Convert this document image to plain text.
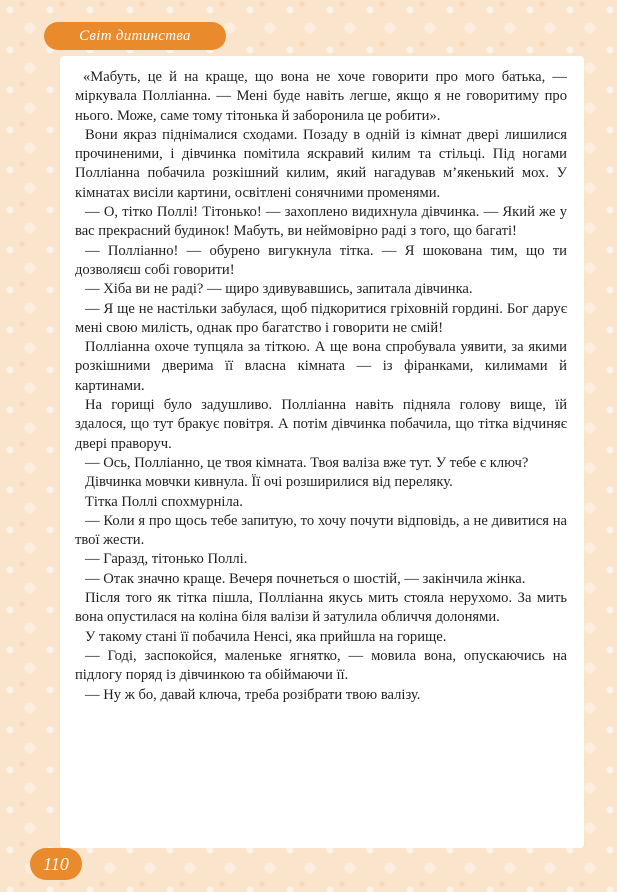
Світ дитинства

«Мабуть, це й на краще, що вона не хоче говорити про мого батька, — міркувала Поллiанна. — Мені буде навіть легше, якщо я не говоритиму про нього. Може, саме тому тітонька й заборонила це робити».

Вони якраз піднімалися сходами. Позаду в одній із кімнат двері лишилися прочиненими, і дівчинка помітила яскравий килим та стільці. Під ногами Поллiанна побачила розкішний килим, який нагадував м’якенький мох. У кімнатах висіли картини, освітлені сонячними променями.

— О, тітко Поллі! Тітонько! — захоплено видихнула дівчинка. — Який же у вас прекрасний будинок! Мабуть, ви неймовірно раді з того, що багаті!

— Поллiанно! — обурено вигукнула тітка. — Я шокована тим, що ти дозволяєш собі говорити!

— Хіба ви не раді? — щиро здивувавшись, запитала дівчинка.

— Я ще не настільки забулася, щоб підкоритися гріховній гордині. Бог дарує мені свою милість, однак про багатство і говорити не смій!

Поллiанна охоче тупцяла за тіткою. А ще вона спробувала уявити, за якими розкішними дверима її власна кімната — із фіранками, килимами й картинами.

На горищі було задушливо. Поллiанна навіть підняла голову вище, їй здалося, що тут бракує повітря. А потім дівчинка побачила, що тітка відчиняє двері праворуч.

— Ось, Поллiанно, це твоя кімната. Твоя валіза вже тут. У тебе є ключ?

Дівчинка мовчки кивнула. Її очі розширилися від переляку.

Тітка Поллі спохмурніла.

— Коли я про щось тебе запитую, то хочу почути відповідь, а не дивитися на твої жести.

— Гаразд, тітонько Поллі.

— Отак значно краще. Вечеря почнеться о шостій, — закінчила жінка.

Після того як тітка пішла, Поллiанна якусь мить стояла нерухомо. За мить вона опустилася на коліна біля валізи й затулила обличчя долонями.

У такому стані її побачила Ненсі, яка прийшла на горище.

— Годі, заспокойся, маленьке ягнятко, — мовила вона, опускаючись на підлогу поряд із дівчинкою та обіймаючи її.

— Ну ж бо, давай ключа, треба розібрати твою валізу.

110
